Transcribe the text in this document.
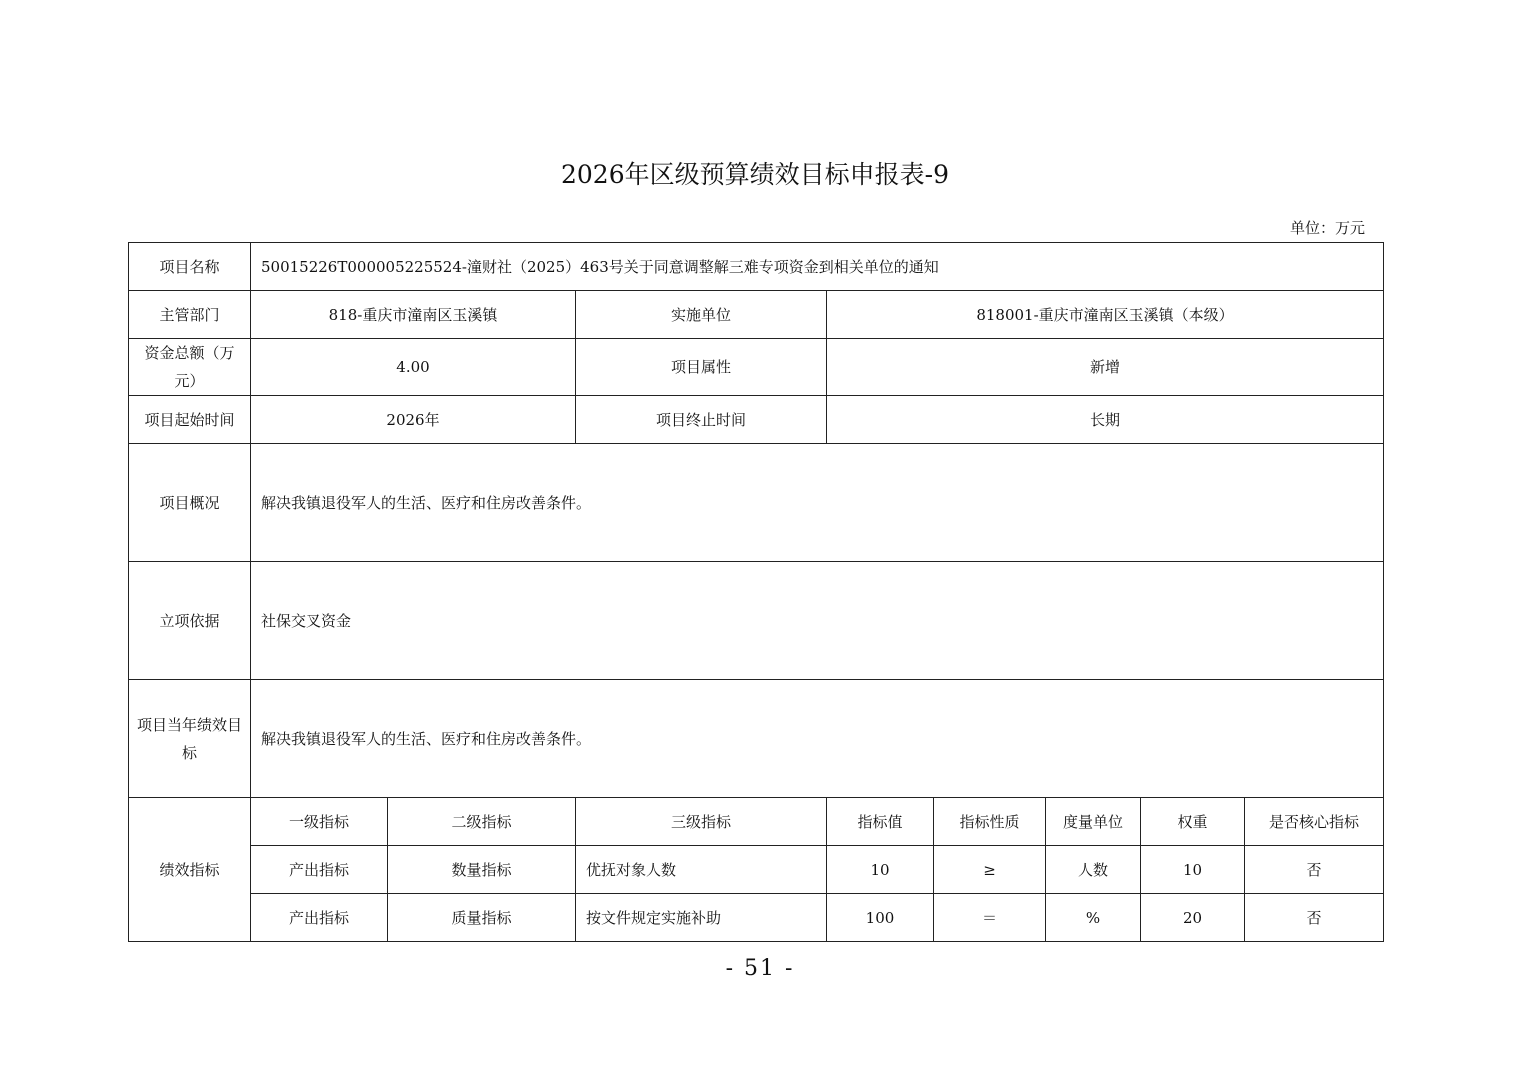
2026年区级预算绩效目标申报表-9
单位：万元
项目名称	50015226T000005225524-潼财社（2025）463号关于同意调整解三难专项资金到相关单位的通知							
主管部门	818-重庆市潼南区玉溪镇		实施单位	818001-重庆市潼南区玉溪镇（本级）				
资金总额（万元）	4.00		项目属性	新增				
项目起始时间	2026年		项目终止时间	长期				
项目概况	解决我镇退役军人的生活、医疗和住房改善条件。							
立项依据	社保交叉资金							
项目当年绩效目标	解决我镇退役军人的生活、医疗和住房改善条件。							
绩效指标	一级指标	二级指标	三级指标	指标值	指标性质	度量单位	权重	是否核心指标
	产出指标	数量指标	优抚对象人数	10	≥	人数	10	否
	产出指标	质量指标	按文件规定实施补助	100	＝	%	20	否
- 51 -
